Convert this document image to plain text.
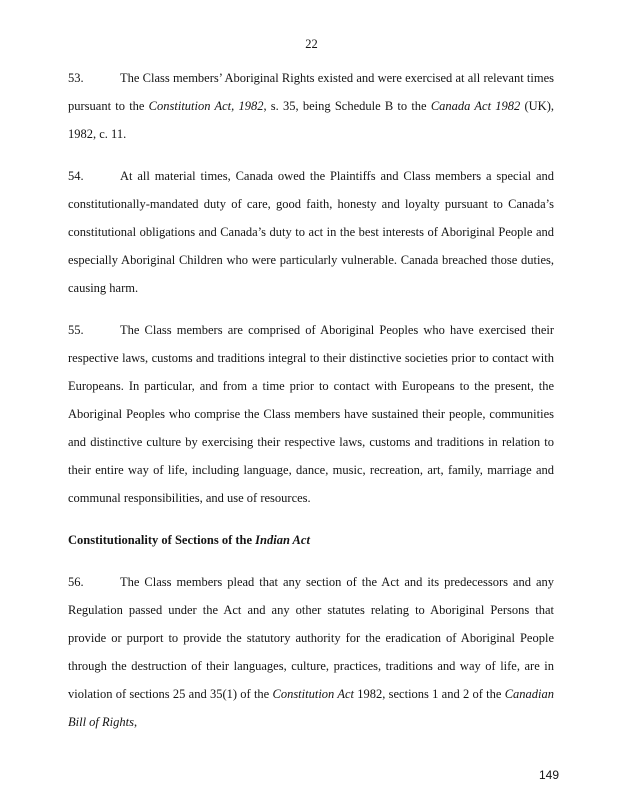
22

53.	The Class members’ Aboriginal Rights existed and were exercised at all relevant times pursuant to the Constitution Act, 1982, s. 35, being Schedule B to the Canada Act 1982 (UK), 1982, c. 11.

54.	At all material times, Canada owed the Plaintiffs and Class members a special and constitutionally-mandated duty of care, good faith, honesty and loyalty pursuant to Canada’s constitutional obligations and Canada’s duty to act in the best interests of Aboriginal People and especially Aboriginal Children who were particularly vulnerable. Canada breached those duties, causing harm.

55.	The Class members are comprised of Aboriginal Peoples who have exercised their respective laws, customs and traditions integral to their distinctive societies prior to contact with Europeans. In particular, and from a time prior to contact with Europeans to the present, the Aboriginal Peoples who comprise the Class members have sustained their people, communities and distinctive culture by exercising their respective laws, customs and traditions in relation to their entire way of life, including language, dance, music, recreation, art, family, marriage and communal responsibilities, and use of resources.

Constitutionality of Sections of the Indian Act

56.	The Class members plead that any section of the Act and its predecessors and any Regulation passed under the Act and any other statutes relating to Aboriginal Persons that provide or purport to provide the statutory authority for the eradication of Aboriginal People through the destruction of their languages, culture, practices, traditions and way of life, are in violation of sections 25 and 35(1) of the Constitution Act 1982, sections 1 and 2 of the Canadian Bill of Rights,

149
